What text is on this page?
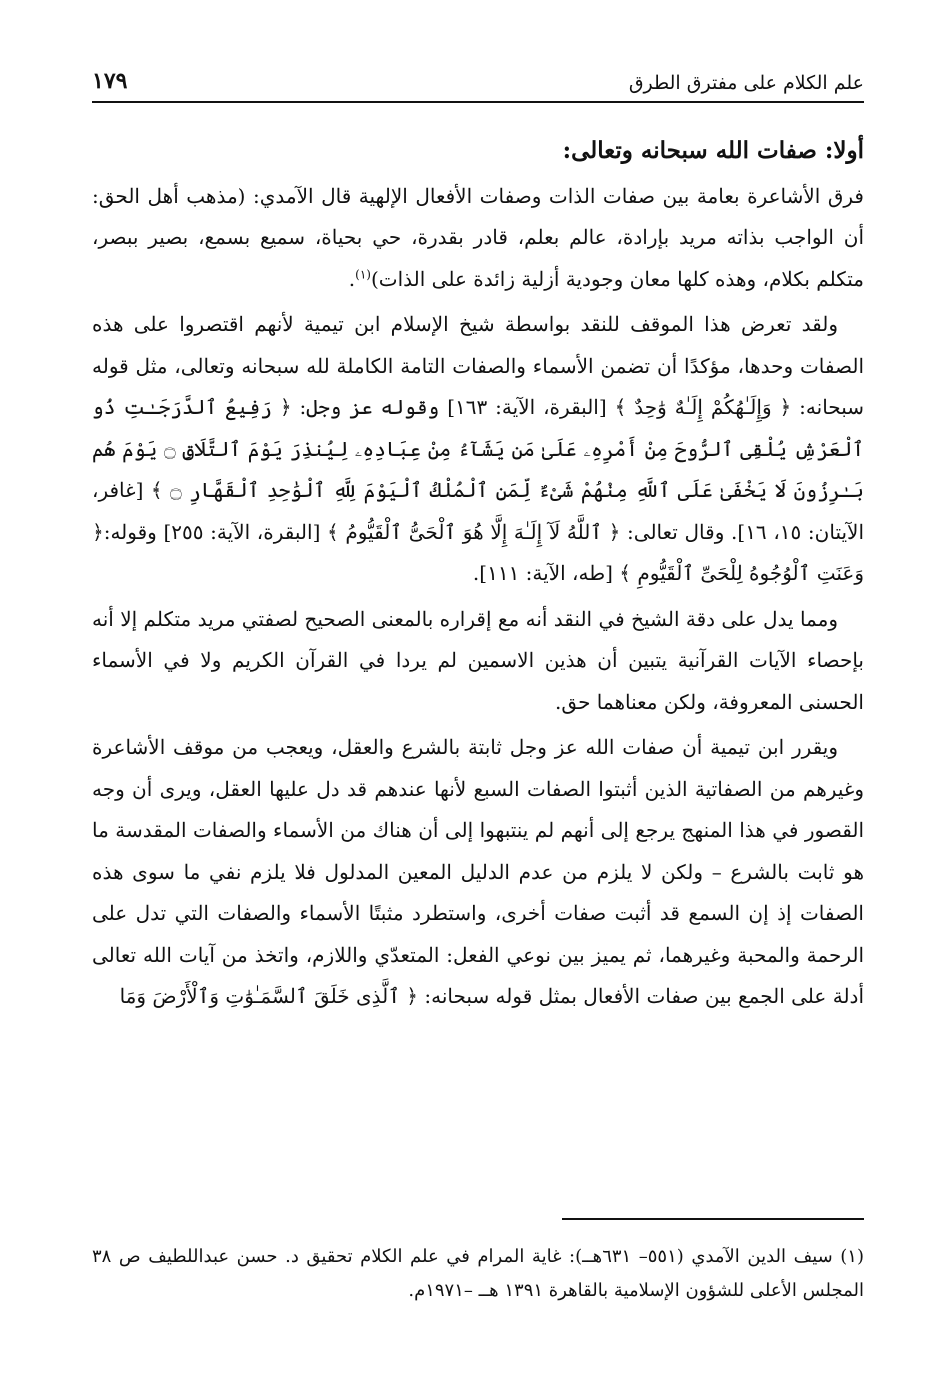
علم الكلام على مفترق الطرق
١٧٩

أولا: صفات الله سبحانه وتعالى:

فرق الأشاعرة بعامة بين صفات الذات وصفات الأفعال الإلهية قال الآمدي: (مذهب أهل الحق: أن الواجب بذاته مريد بإرادة، عالم بعلم، قادر بقدرة، حي بحياة، سميع بسمع، بصير ببصر، متكلم بكلام، وهذه كلها معان وجودية أزلية زائدة على الذات)$^{(١)}$.

ولقد تعرض هذا الموقف للنقد بواسطة شيخ الإسلام ابن تيمية لأنهم اقتصروا على هذه الصفات وحدها، مؤكدًا أن تضمن الأسماء والصفات التامة الكاملة لله سبحانه وتعالى، مثل قوله سبحانه: ﴿ وَإِلَـٰهُكُمْ إِلَـٰهٌ وَٰحِدٌ ﴾ [البقرة، الآية: ١٦٣] وقوله عز وجل: ﴿ رَفِيعُ ٱلدَّرَجَـٰتِ ذُو ٱلْعَرْشِ يُلْقِى ٱلرُّوحَ مِنْ أَمْرِهِۦ عَلَىٰ مَن يَشَآءُ مِنْ عِبَادِهِۦ لِيُنذِرَ يَوْمَ ٱلتَّلَاقِ ۝ يَوْمَ هُم بَـٰرِزُونَ لَا يَخْفَىٰ عَلَى ٱللَّهِ مِنْهُمْ شَىْءٌ لِّمَنِ ٱلْمُلْكُ ٱلْيَوْمَ لِلَّهِ ٱلْوَٰحِدِ ٱلْقَهَّارِ ۝ ﴾ [غافر، الآيتان: ١٥، ١٦]. وقال تعالى: ﴿ ٱللَّهُ لَآ إِلَـٰهَ إِلَّا هُوَ ٱلْحَىُّ ٱلْقَيُّومُ ﴾ [البقرة، الآية: ٢٥٥] وقوله:﴿ وَعَنَتِ ٱلْوُجُوهُ لِلْحَىِّ ٱلْقَيُّومِ ﴾ [طه، الآية: ١١١].

ومما يدل على دقة الشيخ في النقد أنه مع إقراره بالمعنى الصحيح لصفتي مريد متكلم إلا أنه بإحصاء الآيات القرآنية يتبين أن هذين الاسمين لم يردا في القرآن الكريم ولا في الأسماء الحسنى المعروفة، ولكن معناهما حق.

ويقرر ابن تيمية أن صفات الله عز وجل ثابتة بالشرع والعقل، ويعجب من موقف الأشاعرة وغيرهم من الصفاتية الذين أثبتوا الصفات السبع لأنها عندهم قد دل عليها العقل، ويرى أن وجه القصور في هذا المنهج يرجع إلى أنهم لم ينتبهوا إلى أن هناك من الأسماء والصفات المقدسة ما هو ثابت بالشرع – ولكن لا يلزم من عدم الدليل المعين المدلول فلا يلزم نفي ما سوى هذه الصفات إذ إن السمع قد أثبت صفات أخرى، واستطرد مثبتًا الأسماء والصفات التي تدل على الرحمة والمحبة وغيرهما، ثم يميز بين نوعي الفعل: المتعدّي واللازم، واتخذ من آيات الله تعالى أدلة على الجمع بين صفات الأفعال بمثل قوله سبحانه: ﴿ ٱلَّذِى خَلَقَ ٱلسَّمَـٰوَٰتِ وَٱلْأَرْضَ وَمَا

(١) سيف الدين الآمدي (٥٥١– ٦٣١هــ): غاية المرام في علم الكلام تحقيق د. حسن عبداللطيف ص ٣٨ المجلس الأعلى للشؤون الإسلامية بالقاهرة ١٣٩١ هــ –١٩٧١م.
